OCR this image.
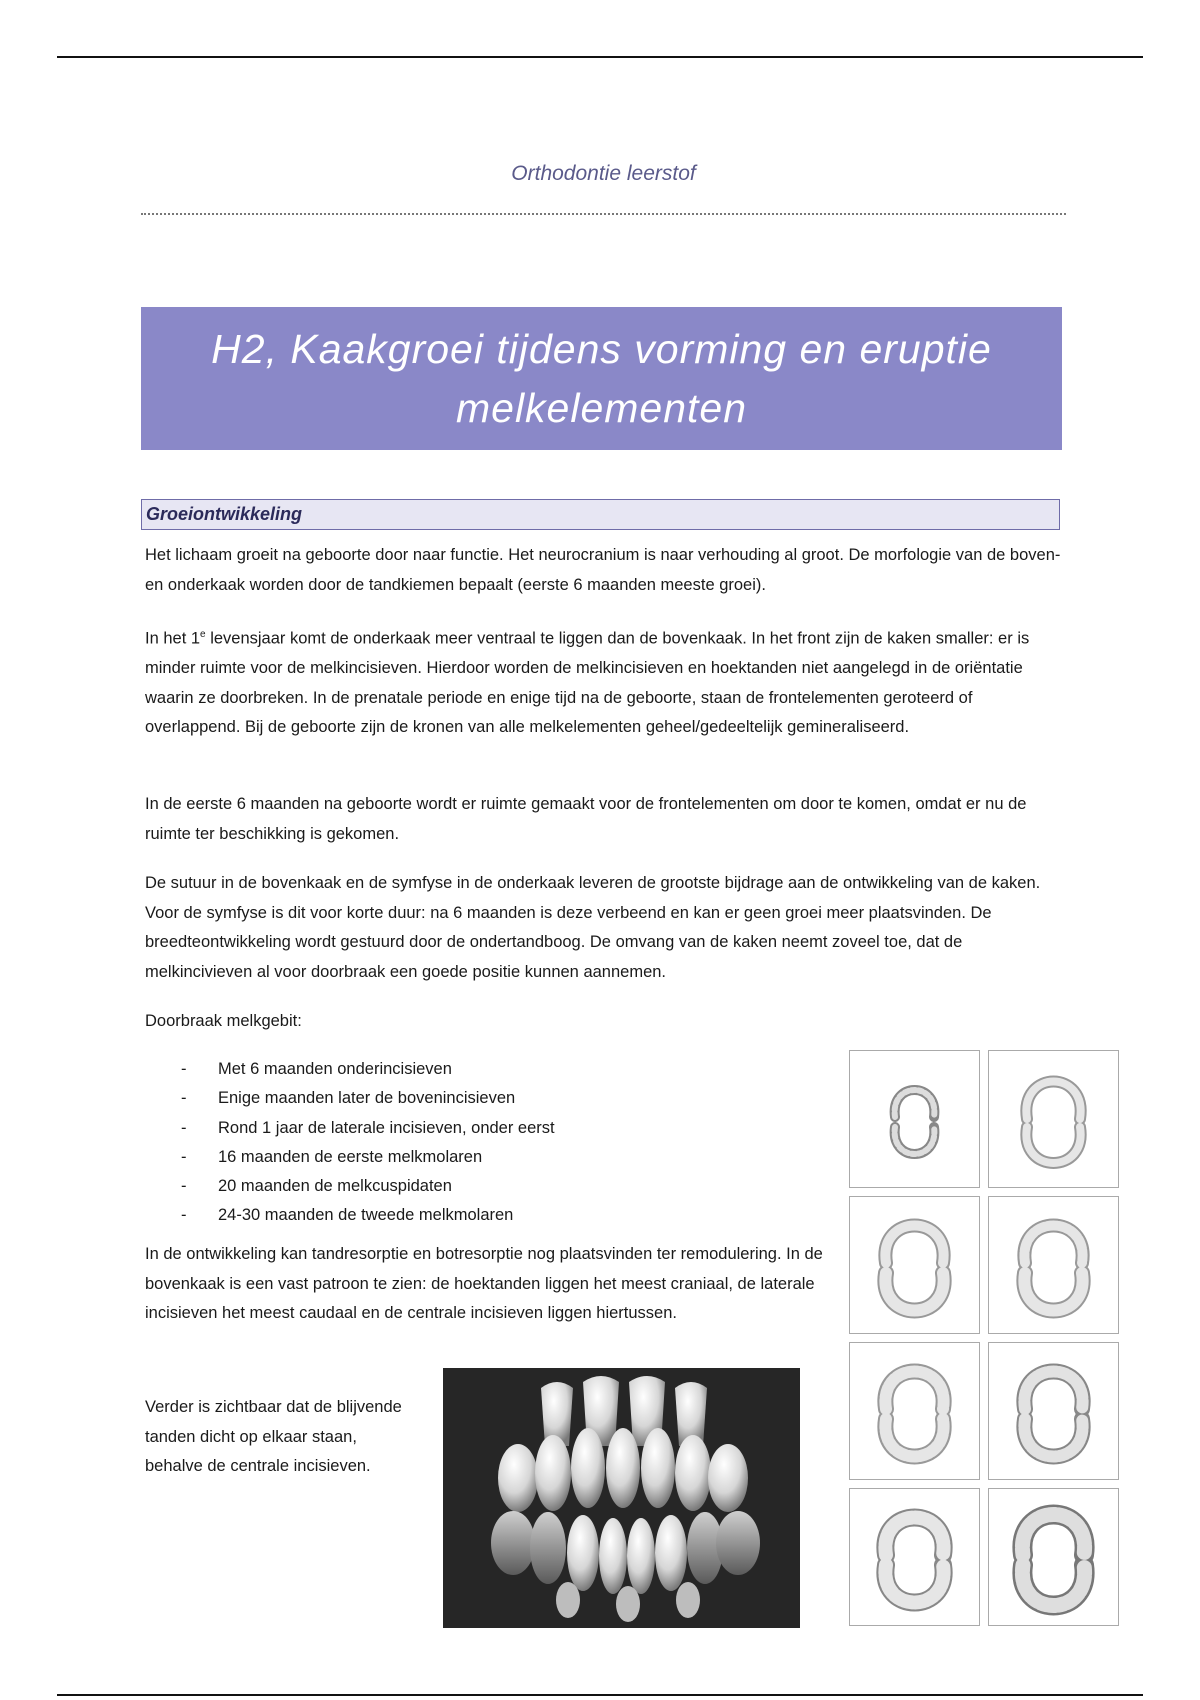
Orthodontie leerstof
H2, Kaakgroei tijdens vorming en eruptie
melkelementen
Groeiontwikkeling

Het lichaam groeit na geboorte door naar functie. Het neurocranium is naar verhouding al groot. De morfologie van de boven- en onderkaak worden door de tandkiemen bepaalt (eerste 6 maanden meeste groei).

In het 1e levensjaar komt de onderkaak meer ventraal te liggen dan de bovenkaak. In het front zijn de kaken smaller: er is minder ruimte voor de melkincisieven. Hierdoor worden de melkincisieven en hoektanden niet aangelegd in de oriëntatie waarin ze doorbreken. In de prenatale periode en enige tijd na de geboorte, staan de frontelementen geroteerd of overlappend. Bij de geboorte zijn de kronen van alle melkelementen geheel/gedeeltelijk gemineraliseerd.

In de eerste 6 maanden na geboorte wordt er ruimte gemaakt voor de frontelementen om door te komen, omdat er nu de ruimte ter beschikking is gekomen.

De sutuur in de bovenkaak en de symfyse in de onderkaak leveren de grootste bijdrage aan de ontwikkeling van de kaken. Voor de symfyse is dit voor korte duur: na 6 maanden is deze verbeend en kan er geen groei meer plaatsvinden. De breedteontwikkeling wordt gestuurd door de ondertandboog. De omvang van de kaken neemt zoveel toe, dat de melkincivieven al voor doorbraak een goede positie kunnen aannemen.

Doorbraak melkgebit:

- Met 6 maanden onderincisieven
- Enige maanden later de bovenincisieven
- Rond 1 jaar de laterale incisieven, onder eerst
- 16 maanden de eerste melkmolaren
- 20 maanden de melkcuspidaten
- 24-30 maanden de tweede melkmolaren

In de ontwikkeling kan tandresorptie en botresorptie nog plaatsvinden ter remodulering. In de bovenkaak is een vast patroon te zien: de hoektanden liggen het meest craniaal, de laterale incisieven het meest caudaal en de centrale incisieven liggen hiertussen.

Verder is zichtbaar dat de blijvende tanden dicht op elkaar staan, behalve de centrale incisieven.
